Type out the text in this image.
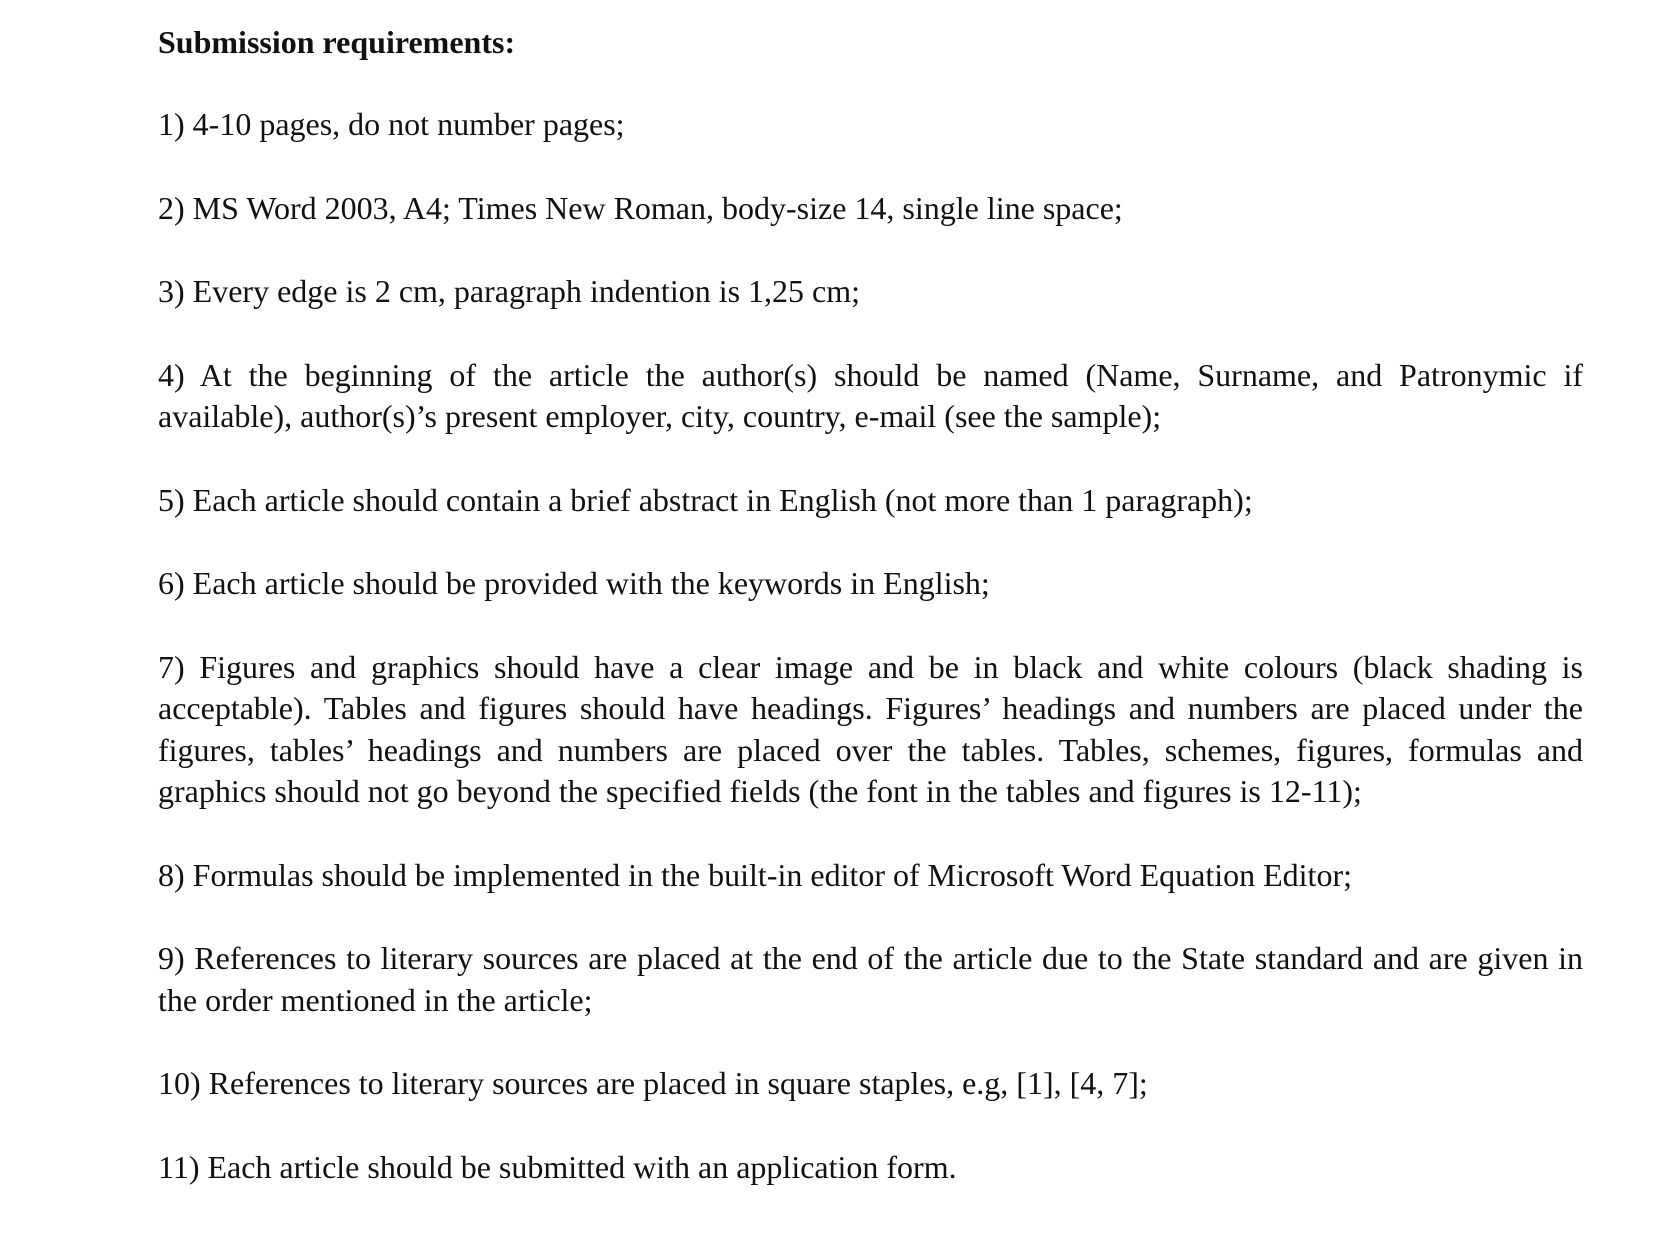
Submission requirements:
1) 4-10 pages, do not number pages;
2) MS Word 2003, A4; Times New Roman, body-size 14, single line space;
3) Every edge is 2 cm, paragraph indention is 1,25 cm;
4) At the beginning of the article the author(s) should be named (Name, Surname, and Patronymic if available), author(s)’s present employer, city, country, e-mail (see the sample);
5) Each article should contain a brief abstract in English (not more than 1 paragraph);
6) Each article should be provided with the keywords in English;
7) Figures and graphics should have a clear image and be in black and white colours (black shading is acceptable). Tables and figures should have headings. Figures’ headings and numbers are placed under the figures, tables’ headings and numbers are placed over the tables. Tables, schemes, figures, formulas and graphics should not go beyond the specified fields (the font in the tables and figures is 12-11);
8) Formulas should be implemented in the built-in editor of Microsoft Word Equation Editor;
9) References to literary sources are placed at the end of the article due to the State standard and are given in the order mentioned in the article;
10) References to literary sources are placed in square staples, e.g, [1], [4, 7];
11) Each article should be submitted with an application form.
